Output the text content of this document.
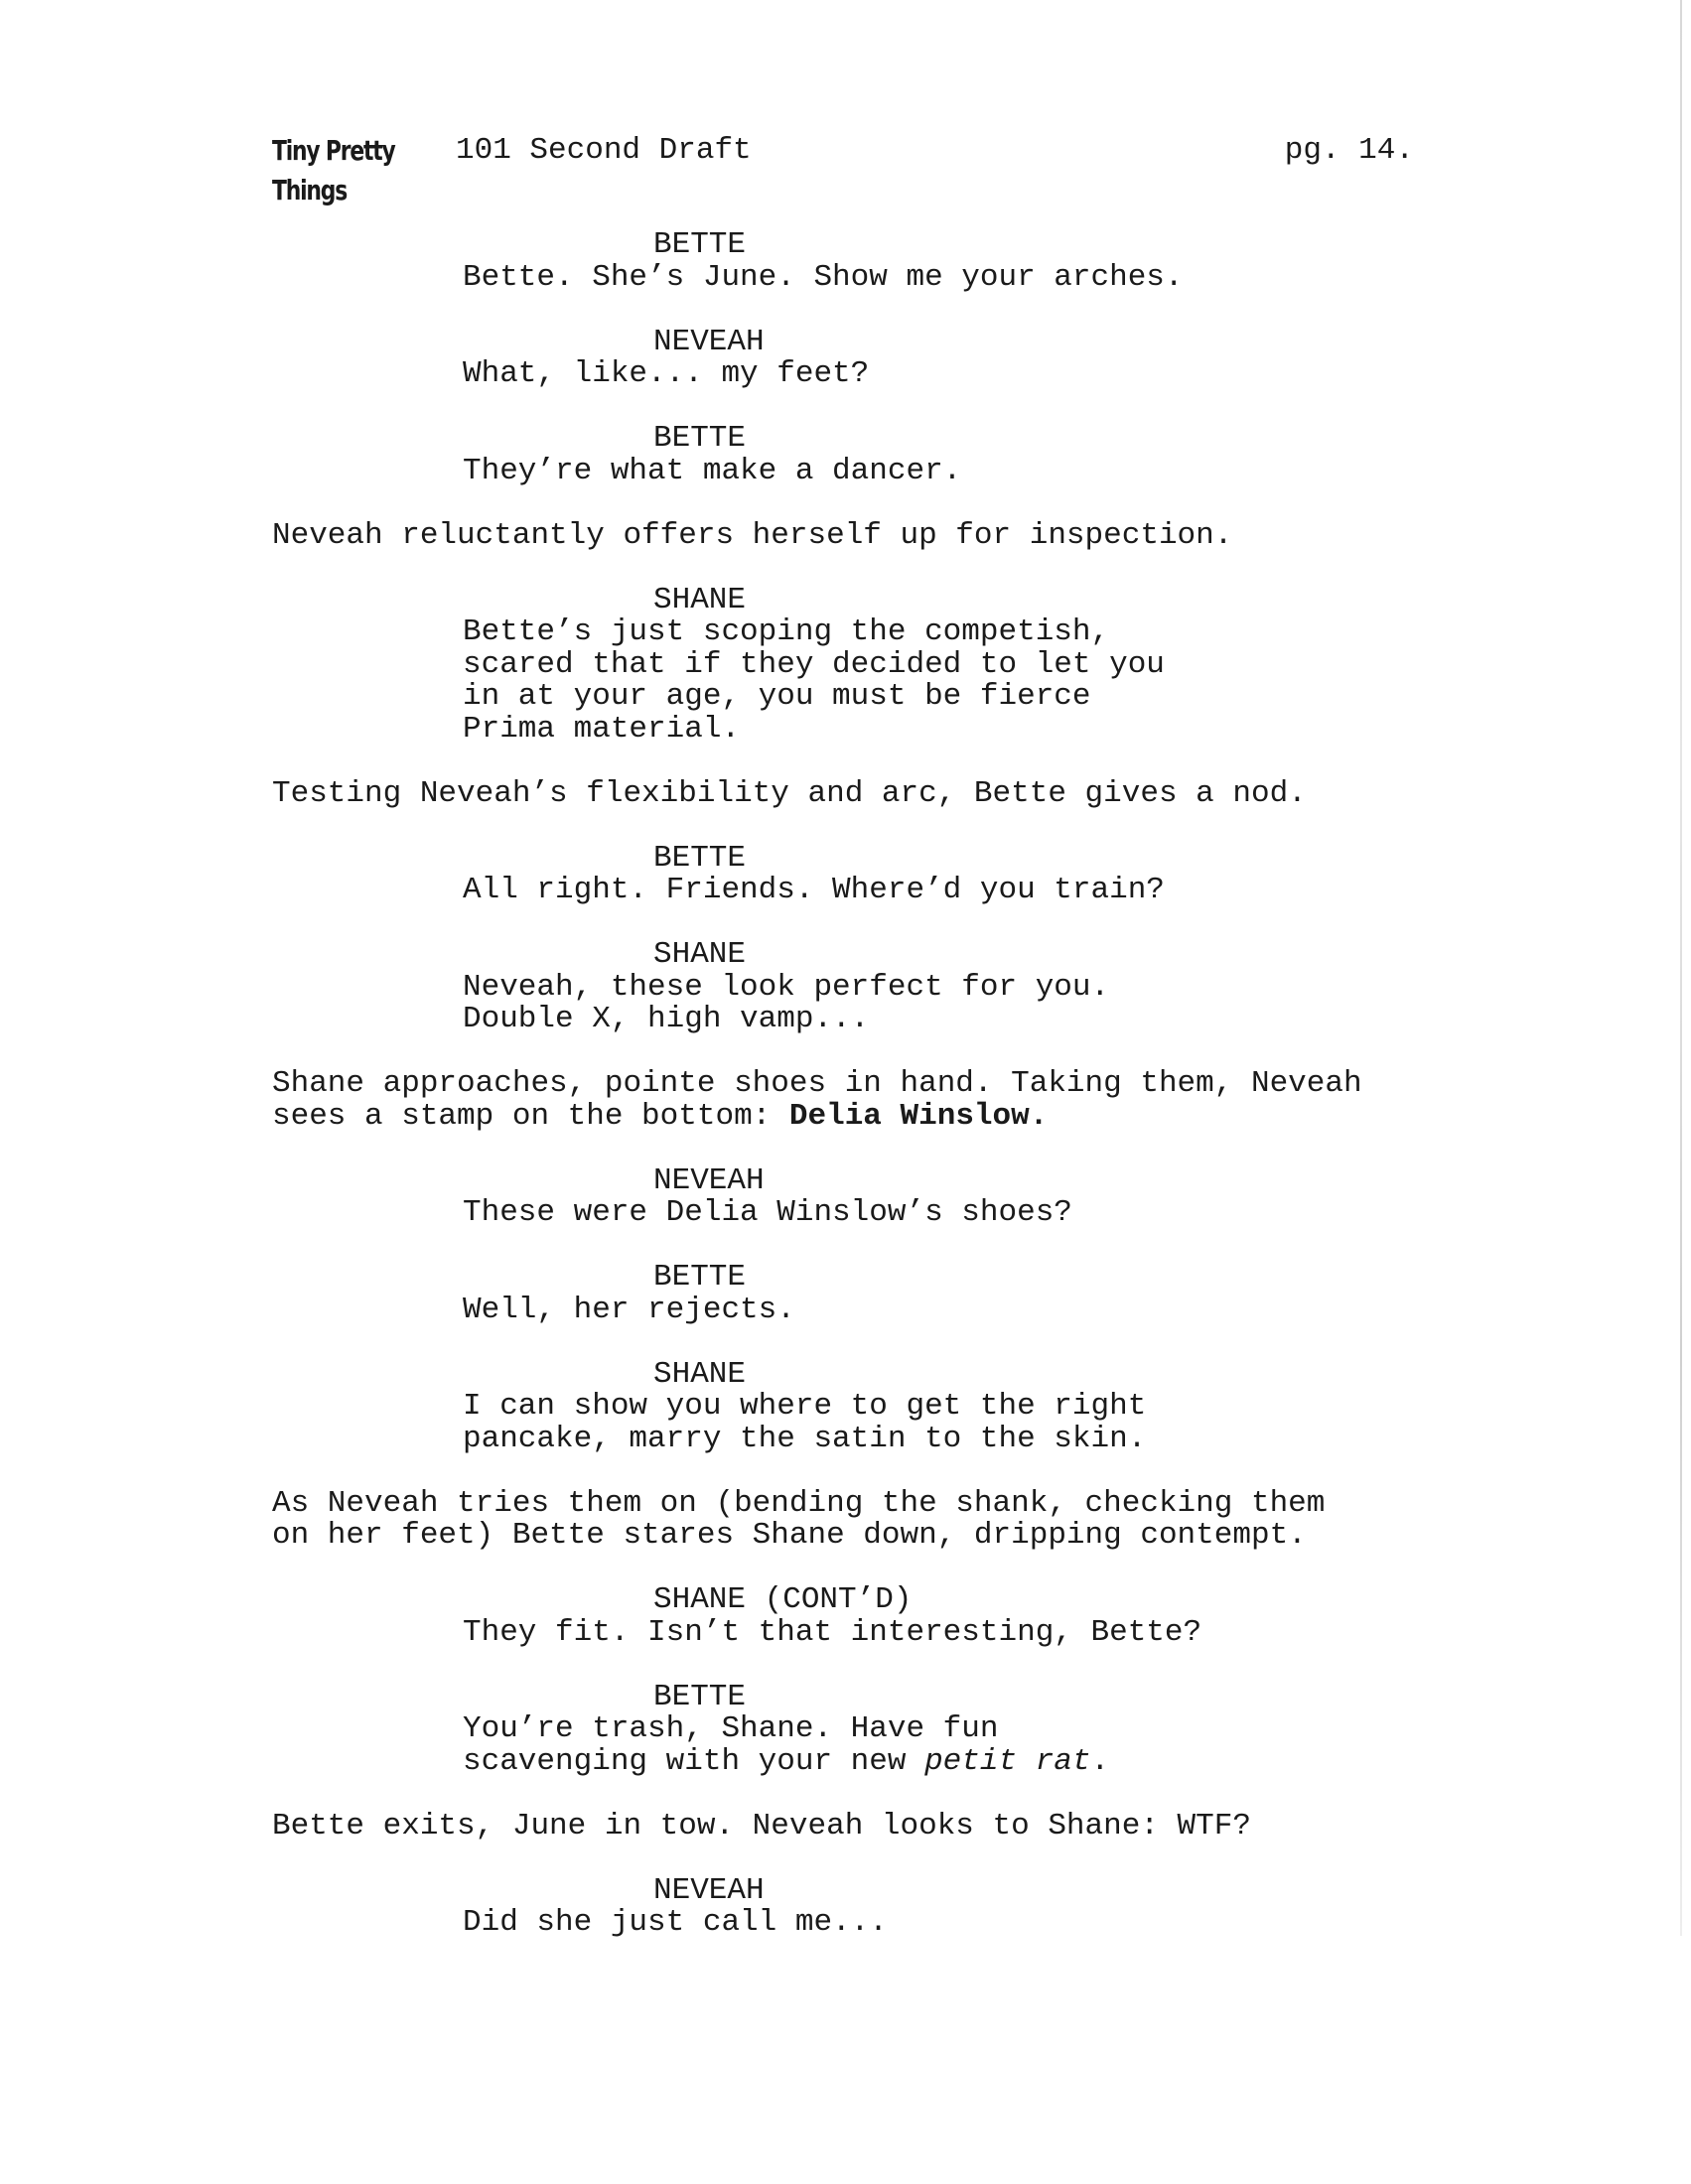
Tiny Pretty Things
101 Second Draft	pg. 14.
BETTE
Bette. She’s June. Show me your arches.
NEVEAH
What, like... my feet?
BETTE
They’re what make a dancer.
Neveah reluctantly offers herself up for inspection.
SHANE
Bette’s just scoping the competish,
scared that if they decided to let you
in at your age, you must be fierce
Prima material.
Testing Neveah’s flexibility and arc, Bette gives a nod.
BETTE
All right. Friends. Where’d you train?
SHANE
Neveah, these look perfect for you.
Double X, high vamp...
Shane approaches, pointe shoes in hand. Taking them, Neveah
sees a stamp on the bottom: Delia Winslow.
NEVEAH
These were Delia Winslow’s shoes?
BETTE
Well, her rejects.
SHANE
I can show you where to get the right
pancake, marry the satin to the skin.
As Neveah tries them on (bending the shank, checking them
on her feet) Bette stares Shane down, dripping contempt.
SHANE (CONT’D)
They fit. Isn’t that interesting, Bette?
BETTE
You’re trash, Shane. Have fun
scavenging with your new petit rat.
Bette exits, June in tow. Neveah looks to Shane: WTF?
NEVEAH
Did she just call me...
